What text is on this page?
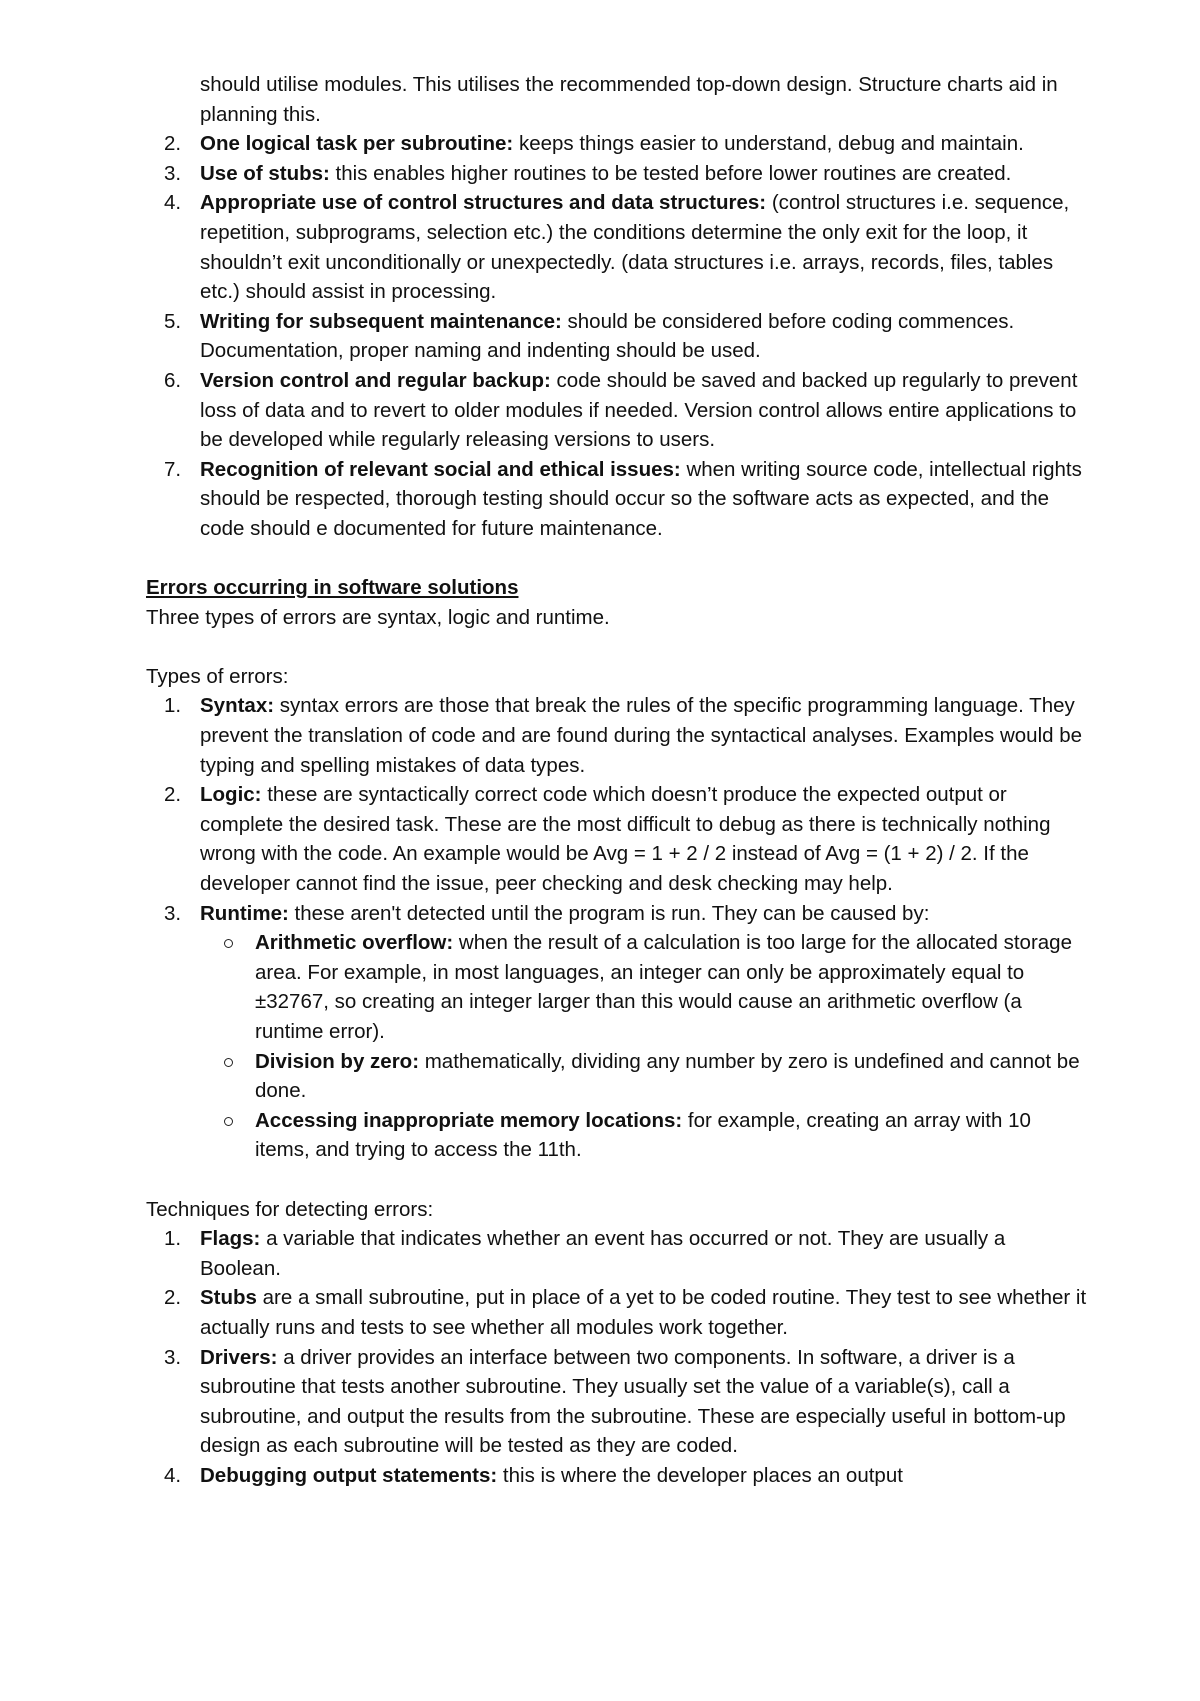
should utilise modules. This utilises the recommended top-down design. Structure charts aid in planning this.
2. One logical task per subroutine: keeps things easier to understand, debug and maintain.
3. Use of stubs: this enables higher routines to be tested before lower routines are created.
4. Appropriate use of control structures and data structures: (control structures i.e. sequence, repetition, subprograms, selection etc.) the conditions determine the only exit for the loop, it shouldn’t exit unconditionally or unexpectedly. (data structures i.e. arrays, records, files, tables etc.) should assist in processing.
5. Writing for subsequent maintenance: should be considered before coding commences. Documentation, proper naming and indenting should be used.
6. Version control and regular backup: code should be saved and backed up regularly to prevent loss of data and to revert to older modules if needed. Version control allows entire applications to be developed while regularly releasing versions to users.
7. Recognition of relevant social and ethical issues: when writing source code, intellectual rights should be respected, thorough testing should occur so the software acts as expected, and the code should e documented for future maintenance.
Errors occurring in software solutions
Three types of errors are syntax, logic and runtime.
Types of errors:
1. Syntax: syntax errors are those that break the rules of the specific programming language. They prevent the translation of code and are found during the syntactical analyses. Examples would be typing and spelling mistakes of data types.
2. Logic: these are syntactically correct code which doesn’t produce the expected output or complete the desired task. These are the most difficult to debug as there is technically nothing wrong with the code. An example would be Avg = 1 + 2 / 2 instead of Avg = (1 + 2) / 2. If the developer cannot find the issue, peer checking and desk checking may help.
3. Runtime: these aren't detected until the program is run. They can be caused by:
Arithmetic overflow: when the result of a calculation is too large for the allocated storage area. For example, in most languages, an integer can only be approximately equal to ±32767, so creating an integer larger than this would cause an arithmetic overflow (a runtime error).
Division by zero: mathematically, dividing any number by zero is undefined and cannot be done.
Accessing inappropriate memory locations: for example, creating an array with 10 items, and trying to access the 11th.
Techniques for detecting errors:
1. Flags: a variable that indicates whether an event has occurred or not. They are usually a Boolean.
2. Stubs are a small subroutine, put in place of a yet to be coded routine. They test to see whether it actually runs and tests to see whether all modules work together.
3. Drivers: a driver provides an interface between two components. In software, a driver is a subroutine that tests another subroutine. They usually set the value of a variable(s), call a subroutine, and output the results from the subroutine. These are especially useful in bottom-up design as each subroutine will be tested as they are coded.
4. Debugging output statements: this is where the developer places an output
